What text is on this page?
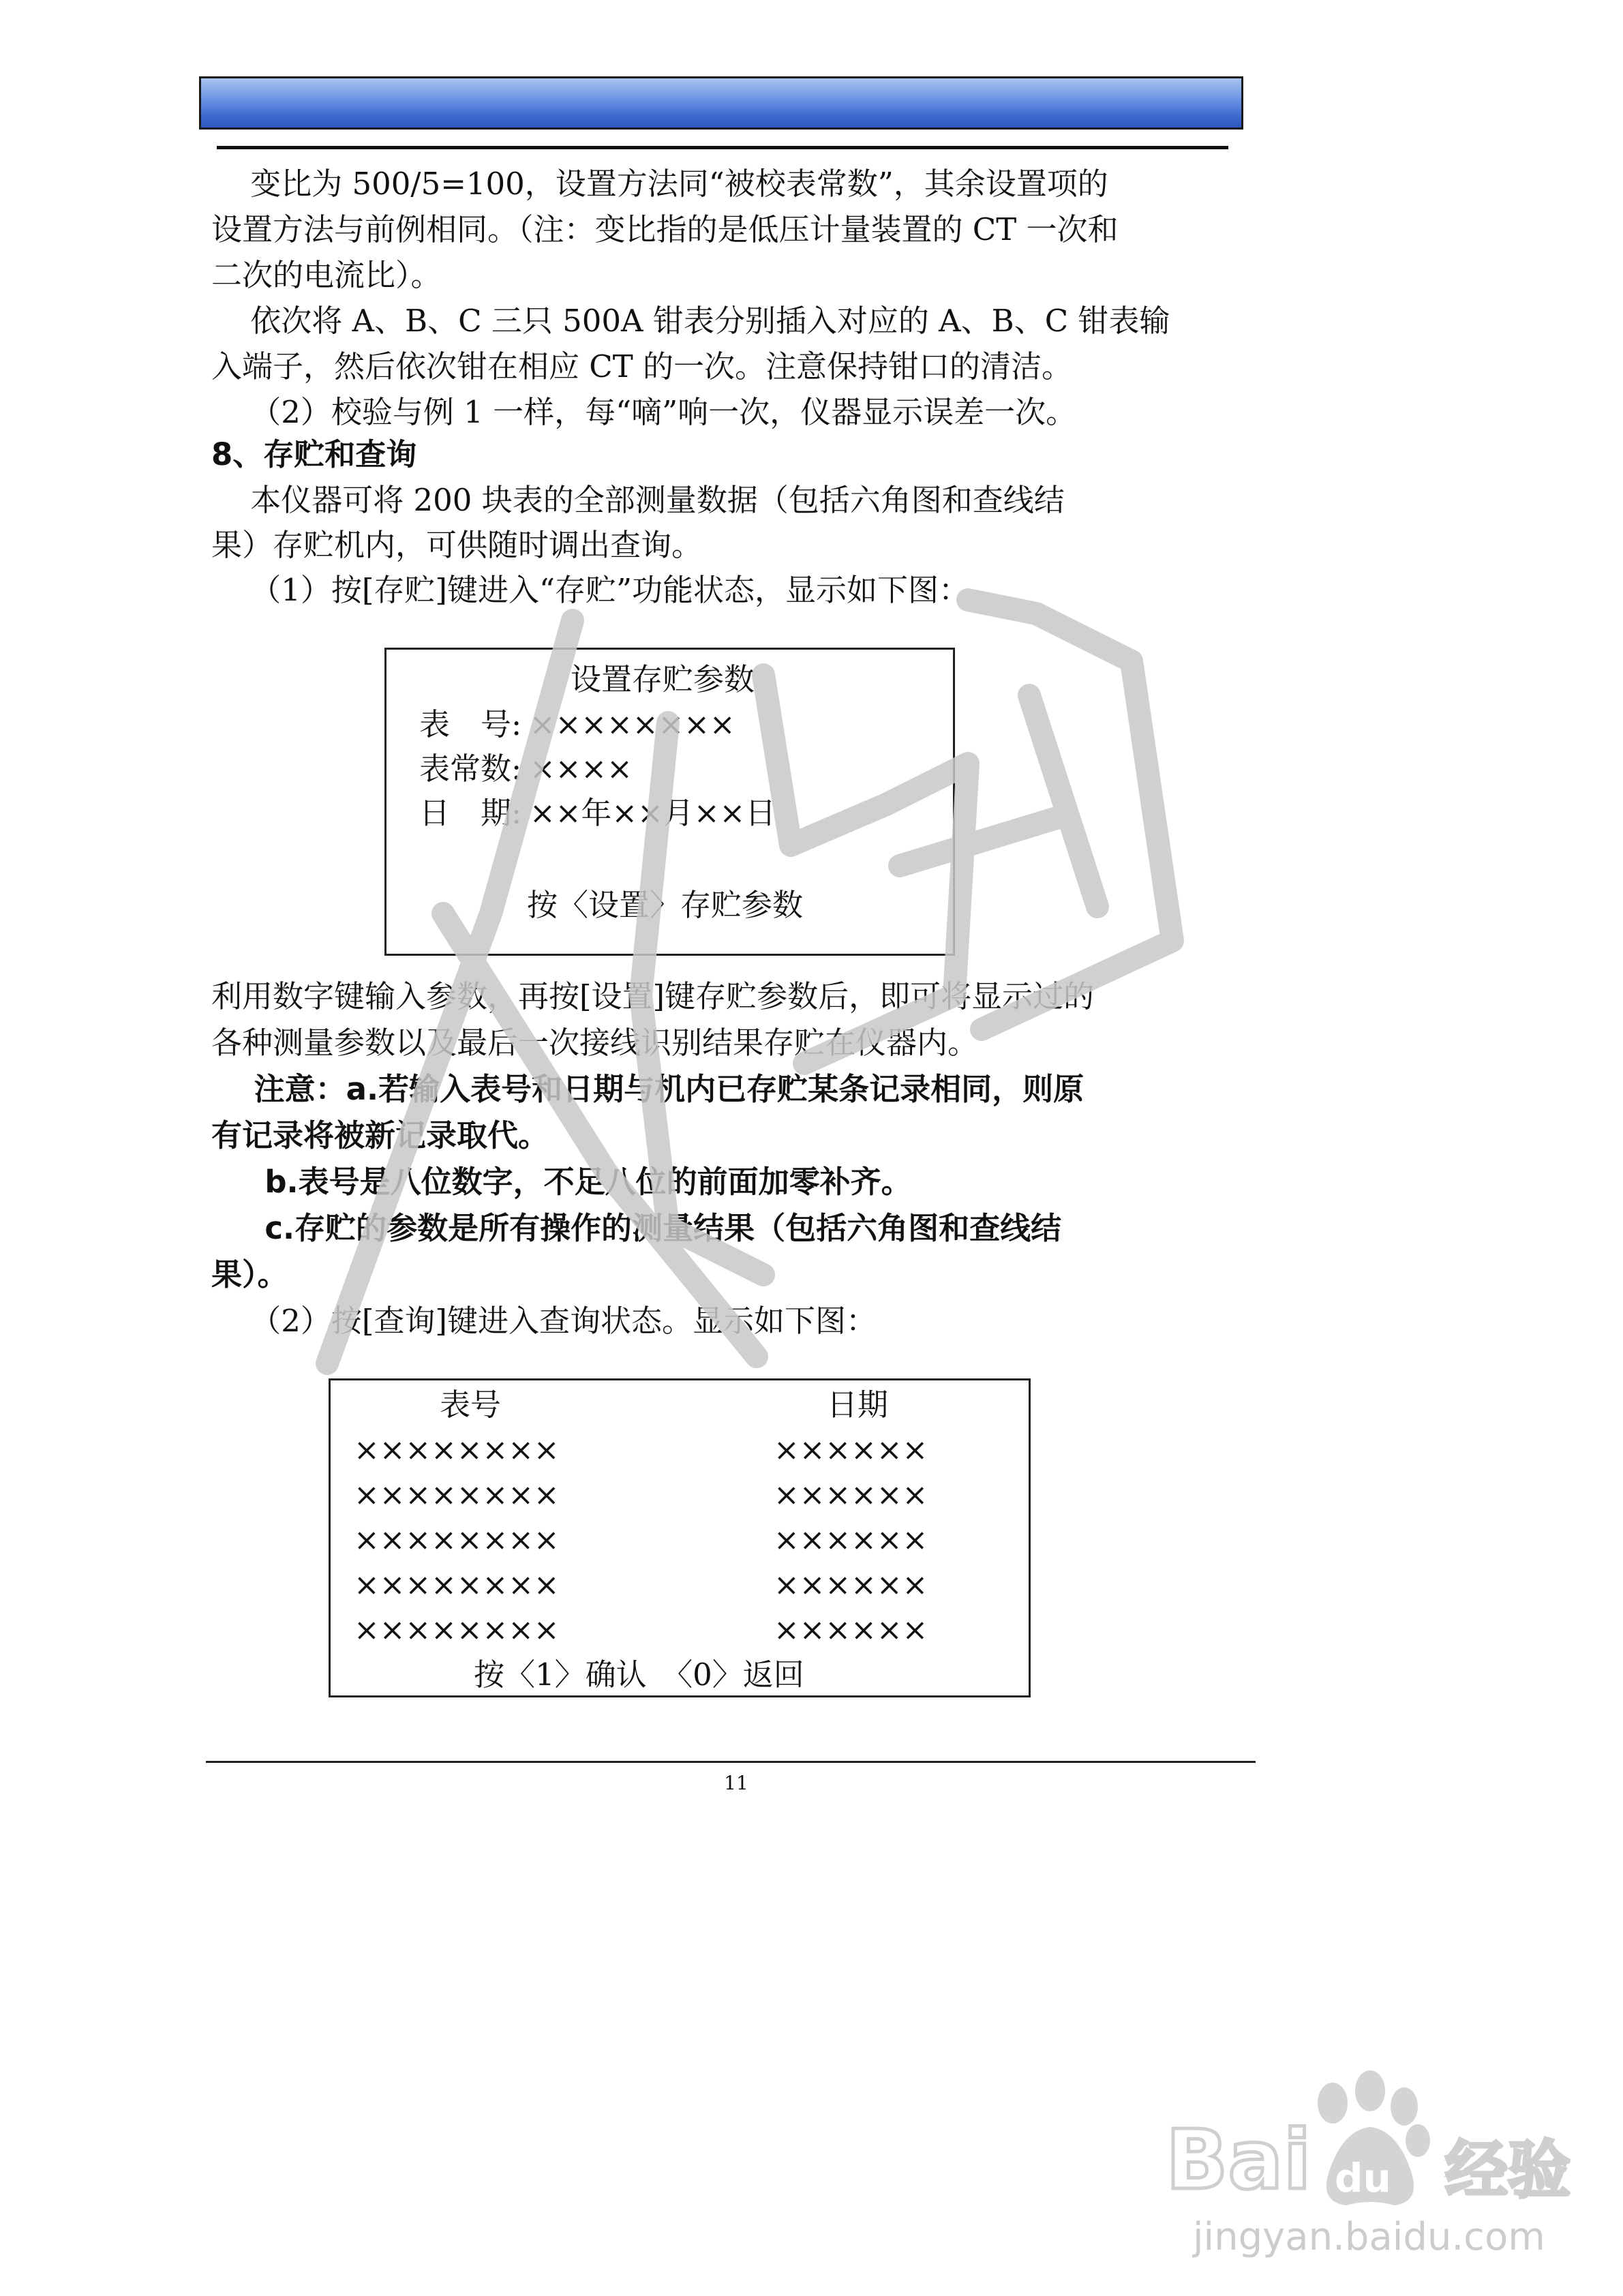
变比为 500/5=100，设置方法同“被校表常数”，其余设置项的

设置方法与前例相同。（注：变比指的是低压计量装置的 CT 一次和

二次的电流比）。

依次将 A、B、C 三只 500A 钳表分别插入对应的 A、B、C 钳表输

入端子，然后依次钳在相应 CT 的一次。注意保持钳口的清洁。

（2）校验与例 1 一样，每“嘀”响一次，仪器显示误差一次。

8、存贮和查询

本仪器可将 200 块表的全部测量数据（包括六角图和查线结

果）存贮机内，可供随时调出查询。

（1）按[存贮]键进入“存贮”功能状态，显示如下图：

设置存贮参数
表　号: ××××××××
表常数: ××××
日　期: ××年××月××日
按〈设置〉存贮参数

利用数字键输入参数，再按[设置]键存贮参数后，即可将显示过的

各种测量参数以及最后一次接线识别结果存贮在仪器内。

注意：a.若输入表号和日期与机内已存贮某条记录相同，则原

有记录将被新记录取代。

b.表号是八位数字，不足八位的前面加零补齐。

c.存贮的参数是所有操作的测量结果（包括六角图和查线结

果）。

（2）按[查询]键进入查询状态。显示如下图：

表号	日期
××××××××	××××××
××××××××	××××××
××××××××	××××××
××××××××	××××××
××××××××	××××××
按〈1〉确认　〈0〉返回
11
Bai du 经验
jingyan.baidu.com
